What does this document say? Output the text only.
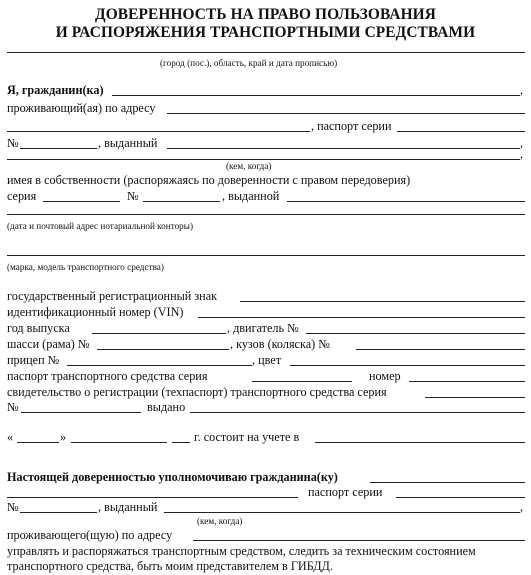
ДОВЕРЕННОСТЬ НА ПРАВО ПОЛЬЗОВАНИЯ
И РАСПОРЯЖЕНИЯ ТРАНСПОРТНЫМИ СРЕДСТВАМИ
(город (пос.), область, край и дата прописью)
Я, гражданин(ка)	,
проживающий(ая) по адресу
, паспорт серии
№	, выданный	,
,
(кем, когда)
имея в собственности (распоряжаясь по доверенности с правом передоверия)
серия	№	, выданной
(дата и почтовый адрес нотариальной конторы)
(марка, модель транспортного средства)
государственный регистрационный знак
идентификационный номер (VIN)
год выпуска	, двигатель №
шасси (рама) №	, кузов (коляска) №
прицеп №	, цвет
паспорт транспортного средства серия	номер
свидетельство о регистрации (техпаспорт) транспортного средства серия
№	выдано
«	»	г. состоит на учете в
Настоящей доверенностью уполномочиваю гражданина(ку)
паспорт серии
№	, выданный	,
(кем, когда)
проживающего(щую) по адресу
управлять и распоряжаться транспортным средством, следить за техническим состоянием
транспортного средства, быть моим представителем в ГИБДД.
